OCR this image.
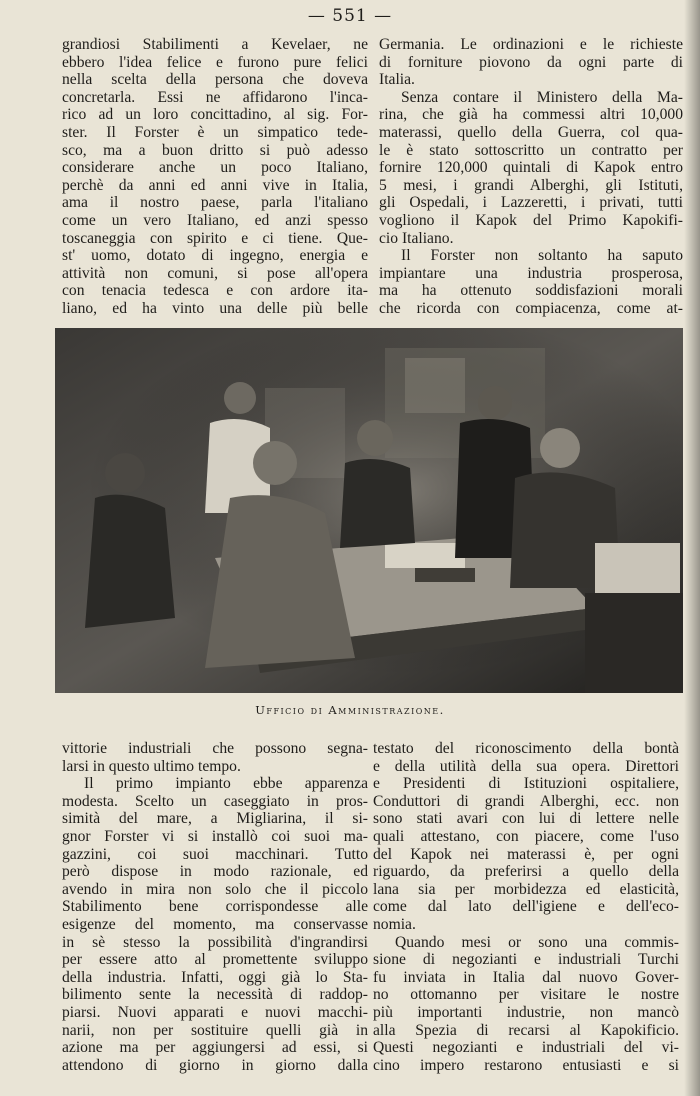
— 551 —
grandiosi Stabilimenti a Kevelaer, ne
ebbero l'idea felice e furono pure felici
nella scelta della persona che doveva
concretarla. Essi ne affidarono l'inca-
rico ad un loro concittadino, al sig. For-
ster. Il Forster è un simpatico tede-
sco, ma a buon dritto si può adesso
considerare anche un poco Italiano,
perchè da anni ed anni vive in Italia,
ama il nostro paese, parla l'italiano
come un vero Italiano, ed anzi spesso
toscaneggia con spirito e ci tiene. Que-
st' uomo, dotato di ingegno, energia e
attività non comuni, si pose all'opera
con tenacia tedesca e con ardore ita-
liano, ed ha vinto una delle più belle
Germania. Le ordinazioni e le richieste
di forniture piovono da ogni parte di
Italia.
Senza contare il Ministero della Ma-
rina, che già ha commessi altri 10,000
materassi, quello della Guerra, col qua-
le è stato sottoscritto un contratto per
fornire 120,000 quintali di Kapok entro
5 mesi, i grandi Alberghi, gli Istituti,
gli Ospedali, i Lazzeretti, i privati, tutti
vogliono il Kapok del Primo Kapokifi-
cio Italiano.
Il Forster non soltanto ha saputo
impiantare una industria prosperosa,
ma ha ottenuto soddisfazioni morali
che ricorda con compiacenza, come at-
Ufficio di Amministrazione.
vittorie industriali che possono segna-
larsi in questo ultimo tempo.
Il primo impianto ebbe apparenza
modesta. Scelto un caseggiato in pros-
simità del mare, a Migliarina, il si-
gnor Forster vi si installò coi suoi ma-
gazzini, coi suoi macchinari. Tutto
però dispose in modo razionale, ed
avendo in mira non solo che il piccolo
Stabilimento bene corrispondesse alle
esigenze del momento, ma conservasse
in sè stesso la possibilità d'ingrandirsi
per essere atto al promettente sviluppo
della industria. Infatti, oggi già lo Sta-
bilimento sente la necessità di raddop-
piarsi. Nuovi apparati e nuovi macchi-
narii, non per sostituire quelli già in
azione ma per aggiungersi ad essi, si
attendono di giorno in giorno dalla
testato del riconoscimento della bontà
e della utilità della sua opera. Direttori
e Presidenti di Istituzioni ospitaliere,
Conduttori di grandi Alberghi, ecc. non
sono stati avari con lui di lettere nelle
quali attestano, con piacere, come l'uso
del Kapok nei materassi è, per ogni
riguardo, da preferirsi a quello della
lana sia per morbidezza ed elasticità,
come dal lato dell'igiene e dell'eco-
nomia.
Quando mesi or sono una commis-
sione di negozianti e industriali Turchi
fu inviata in Italia dal nuovo Gover-
no ottomanno per visitare le nostre
più importanti industrie, non mancò
alla Spezia di recarsi al Kapokificio.
Questi negozianti e industriali del vi-
cino impero restarono entusiasti e si
